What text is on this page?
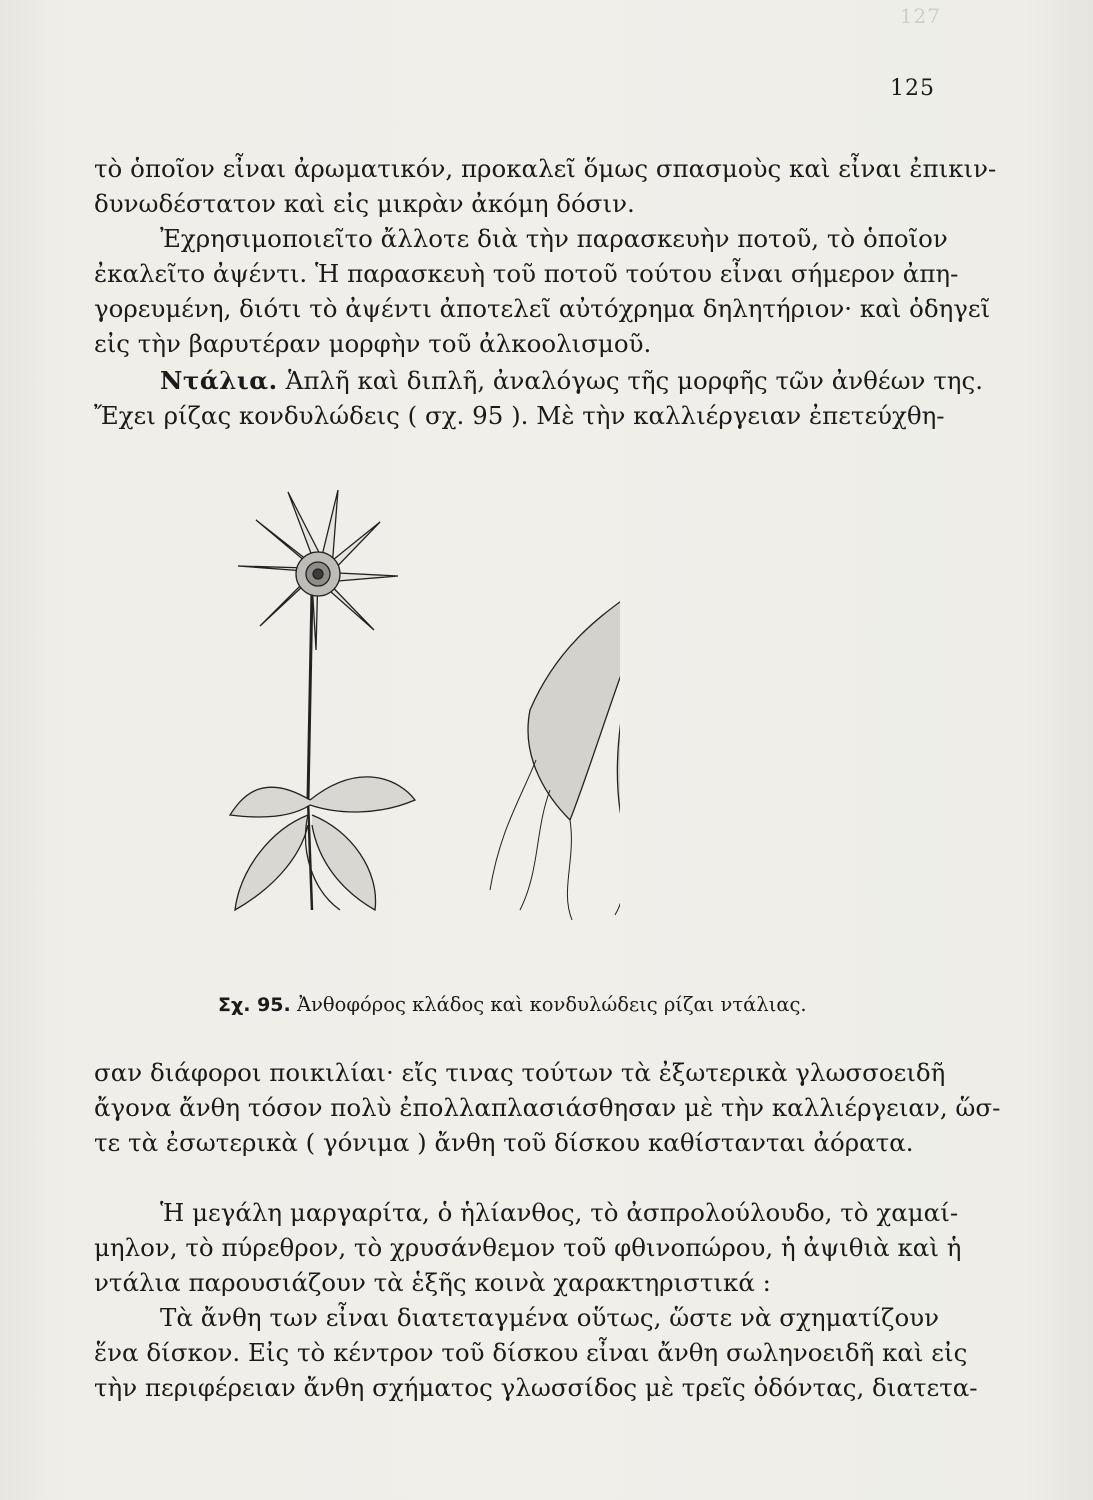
127
125
τὸ ὁποῖον εἶναι ἀρωματικόν, προκαλεῖ ὅμως σπασμοὺς καὶ εἶναι ἐπικιν-
δυνωδέστατον καὶ εἰς μικρὰν ἀκόμη δόσιν.
Ἐχρησιμοποιεῖτο ἄλλοτε διὰ τὴν παρασκευὴν ποτοῦ, τὸ ὁποῖον
ἐκαλεῖτο ἀψέντι. Ἡ παρασκευὴ τοῦ ποτοῦ τούτου εἶναι σήμερον ἀπη-
γορευμένη, διότι τὸ ἀψέντι ἀποτελεῖ αὐτόχρημα δηλητήριον· καὶ ὁδηγεῖ
εἰς τὴν βαρυτέραν μορφὴν τοῦ ἀλκοολισμοῦ.
Ντάλια. Ἁπλῆ καὶ διπλῆ, ἀναλόγως τῆς μορφῆς τῶν ἀνθέων της.
Ἔχει ρίζας κονδυλώδεις ( σχ. 95 ). Μὲ τὴν καλλιέργειαν ἐπετεύχθη-
Σχ. 95. Ἀνθοφόρος κλάδος καὶ κονδυλώδεις ρίζαι ντάλιας.
σαν διάφοροι ποικιλίαι· εἴς τινας τούτων τὰ ἐξωτερικὰ γλωσσοειδῆ
ἄγονα ἄνθη τόσον πολὺ ἐπολλαπλασιάσθησαν μὲ τὴν καλλιέργειαν, ὥσ-
τε τὰ ἐσωτερικὰ ( γόνιμα ) ἄνθη τοῦ δίσκου καθίστανται ἀόρατα.
Ἡ μεγάλη μαργαρίτα, ὁ ἡλίανθος, τὸ ἀσπρολούλουδο, τὸ χαμαί-
μηλον, τὸ πύρεθρον, τὸ χρυσάνθεμον τοῦ φθινοπώρου, ἡ ἀψιθιὰ καὶ ἡ
ντάλια παρουσιάζουν τὰ ἑξῆς κοινὰ χαρακτηριστικά :
Τὰ ἄνθη των εἶναι διατεταγμένα οὕτως, ὥστε νὰ σχηματίζουν
ἕνα δίσκον. Εἰς τὸ κέντρον τοῦ δίσκου εἶναι ἄνθη σωληνοειδῆ καὶ εἰς
τὴν περιφέρειαν ἄνθη σχήματος γλωσσίδος μὲ τρεῖς ὀδόντας, διατετα-
